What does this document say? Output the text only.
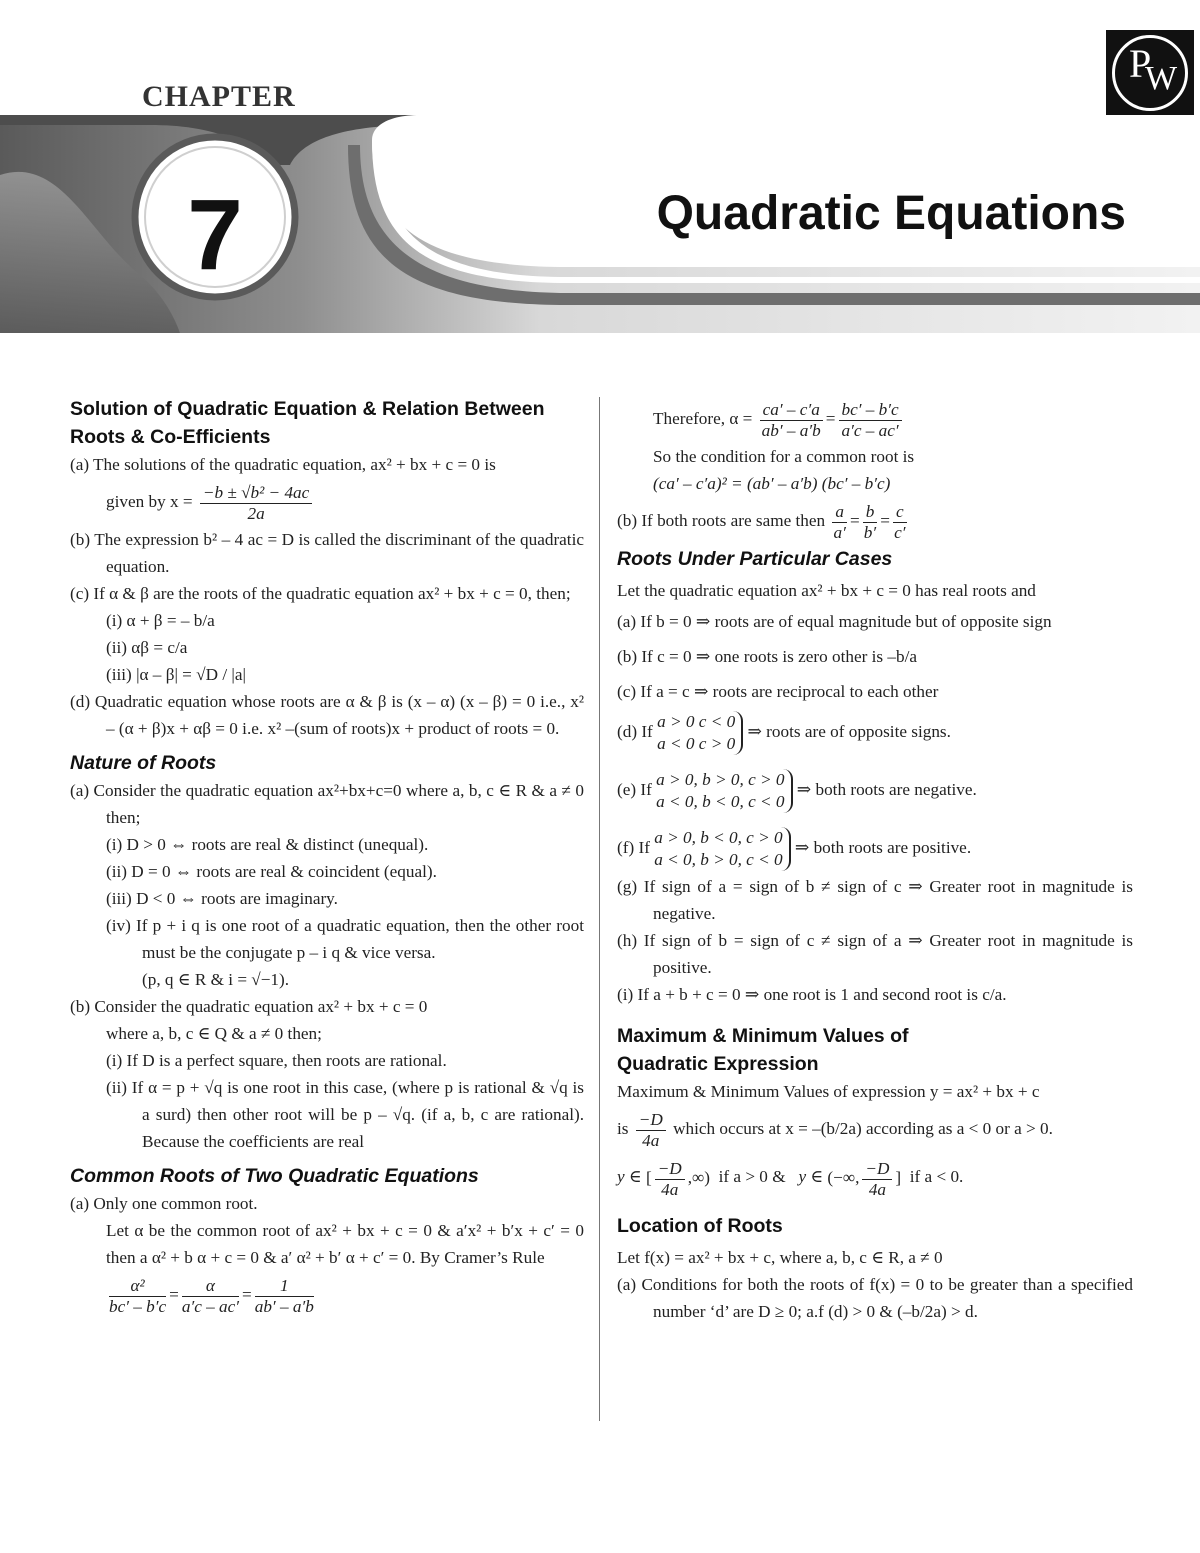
P
W
CHAPTER
7	Quadratic Equations
Solution of Quadratic Equation & Relation Between Roots & Co-Efficients

(a) The solutions of the quadratic equation, ax² + bx + c = 0 is

given by $x = \frac{\text{−b ± √b² − 4ac}}{2a}$

(b) The expression b² – 4 ac = D is called the discriminant of the quadratic equation.

(c) If α & β are the roots of the quadratic equation ax² + bx + c = 0, then;

(i) α + β = – b/a

(ii) αβ = c/a

(iii) |α – β| = √D / |a|

(d) Quadratic equation whose roots are α & β is (x – α) (x – β) = 0 i.e., x² – (α + β)x + αβ = 0 i.e. x² –(sum of roots)x + product of roots = 0.

Nature of Roots

(a) Consider the quadratic equation ax²+bx+c=0 where a, b, c ∈ R & a ≠ 0 then;

(i) D > 0 ⇔ roots are real & distinct (unequal).

(ii) D = 0 ⇔ roots are real & coincident (equal).

(iii) D < 0 ⇔ roots are imaginary.

(iv) If p + i q is one root of a quadratic equation, then the other root must be the conjugate p – i q & vice versa.

(p, q ∈ R & i = √−1).

(b) Consider the quadratic equation ax² + bx + c = 0

where a, b, c ∈ Q & a ≠ 0 then;

(i) If D is a perfect square, then roots are rational.

(ii) If α = p + √q is one root in this case, (where p is rational & √q is a surd) then other root will be p – √q. (if a, b, c are rational). Because the coefficients are real

Common Roots of Two Quadratic Equations

(a) Only one common root.

Let α be the common root of ax² + bx + c = 0 & a′x² + b′x + c′ = 0 then a α² + b α + c = 0 & a′ α² + b′ α + c′ = 0. By Cramer’s Rule

$\frac{\text{α²}}{bc' - b'c} = \frac{\alpha}{a'c - ac'} = \frac{1}{ab' - a'b}$

Therefore, $\alpha = \frac{ca' - c'a}{ab' - a'b} = \frac{bc' - b'c}{a'c - ac'}$

So the condition for a common root is

(ca′ – c′a)² = (ab′ – a′b) (bc′ – b′c)

(b) If both roots are same then $\frac{a}{a'} = \frac{b}{b'} = \frac{c}{c'}$

Roots Under Particular Cases

Let the quadratic equation ax² + bx + c = 0 has real roots and

(a) If b = 0 ⇒ roots are of equal magnitude but of opposite sign

(b) If c = 0 ⇒ one roots is zero other is –b/a

(c) If a = c ⇒ roots are reciprocal to each other

(d) If
a > 0 c < 0
a < 0 c > 0
⇒ roots are of opposite signs.

(e) If
a > 0, b > 0, c > 0
a < 0, b < 0, c < 0
⇒ both roots are negative.

(f) If
a > 0, b < 0, c > 0
a < 0, b > 0, c < 0
⇒ both roots are positive.

(g) If sign of a = sign of b ≠ sign of c ⇒ Greater root in magnitude is negative.

(h) If sign of b = sign of c ≠ sign of a ⇒ Greater root in magnitude is positive.

(i) If a + b + c = 0 ⇒ one root is 1 and second root is c/a.

Maximum & Minimum Values of
Quadratic Expression

Maximum & Minimum Values of expression y = ax² + bx + c

is $\frac{-D}{4a}$ which occurs at x = –(b/2a) according as a < 0 or a > 0.

y ∈ [ $\frac{-D}{4a}$ ,∞) if a > 0 & y ∈ (−∞, $\frac{-D}{4a}$ ] if a < 0.

Location of Roots

Let f(x) = ax² + bx + c, where a, b, c ∈ R, a ≠ 0

(a) Conditions for both the roots of f(x) = 0 to be greater than a specified number ‘d’ are D ≥ 0; a.f (d) > 0 & (–b/2a) > d.
